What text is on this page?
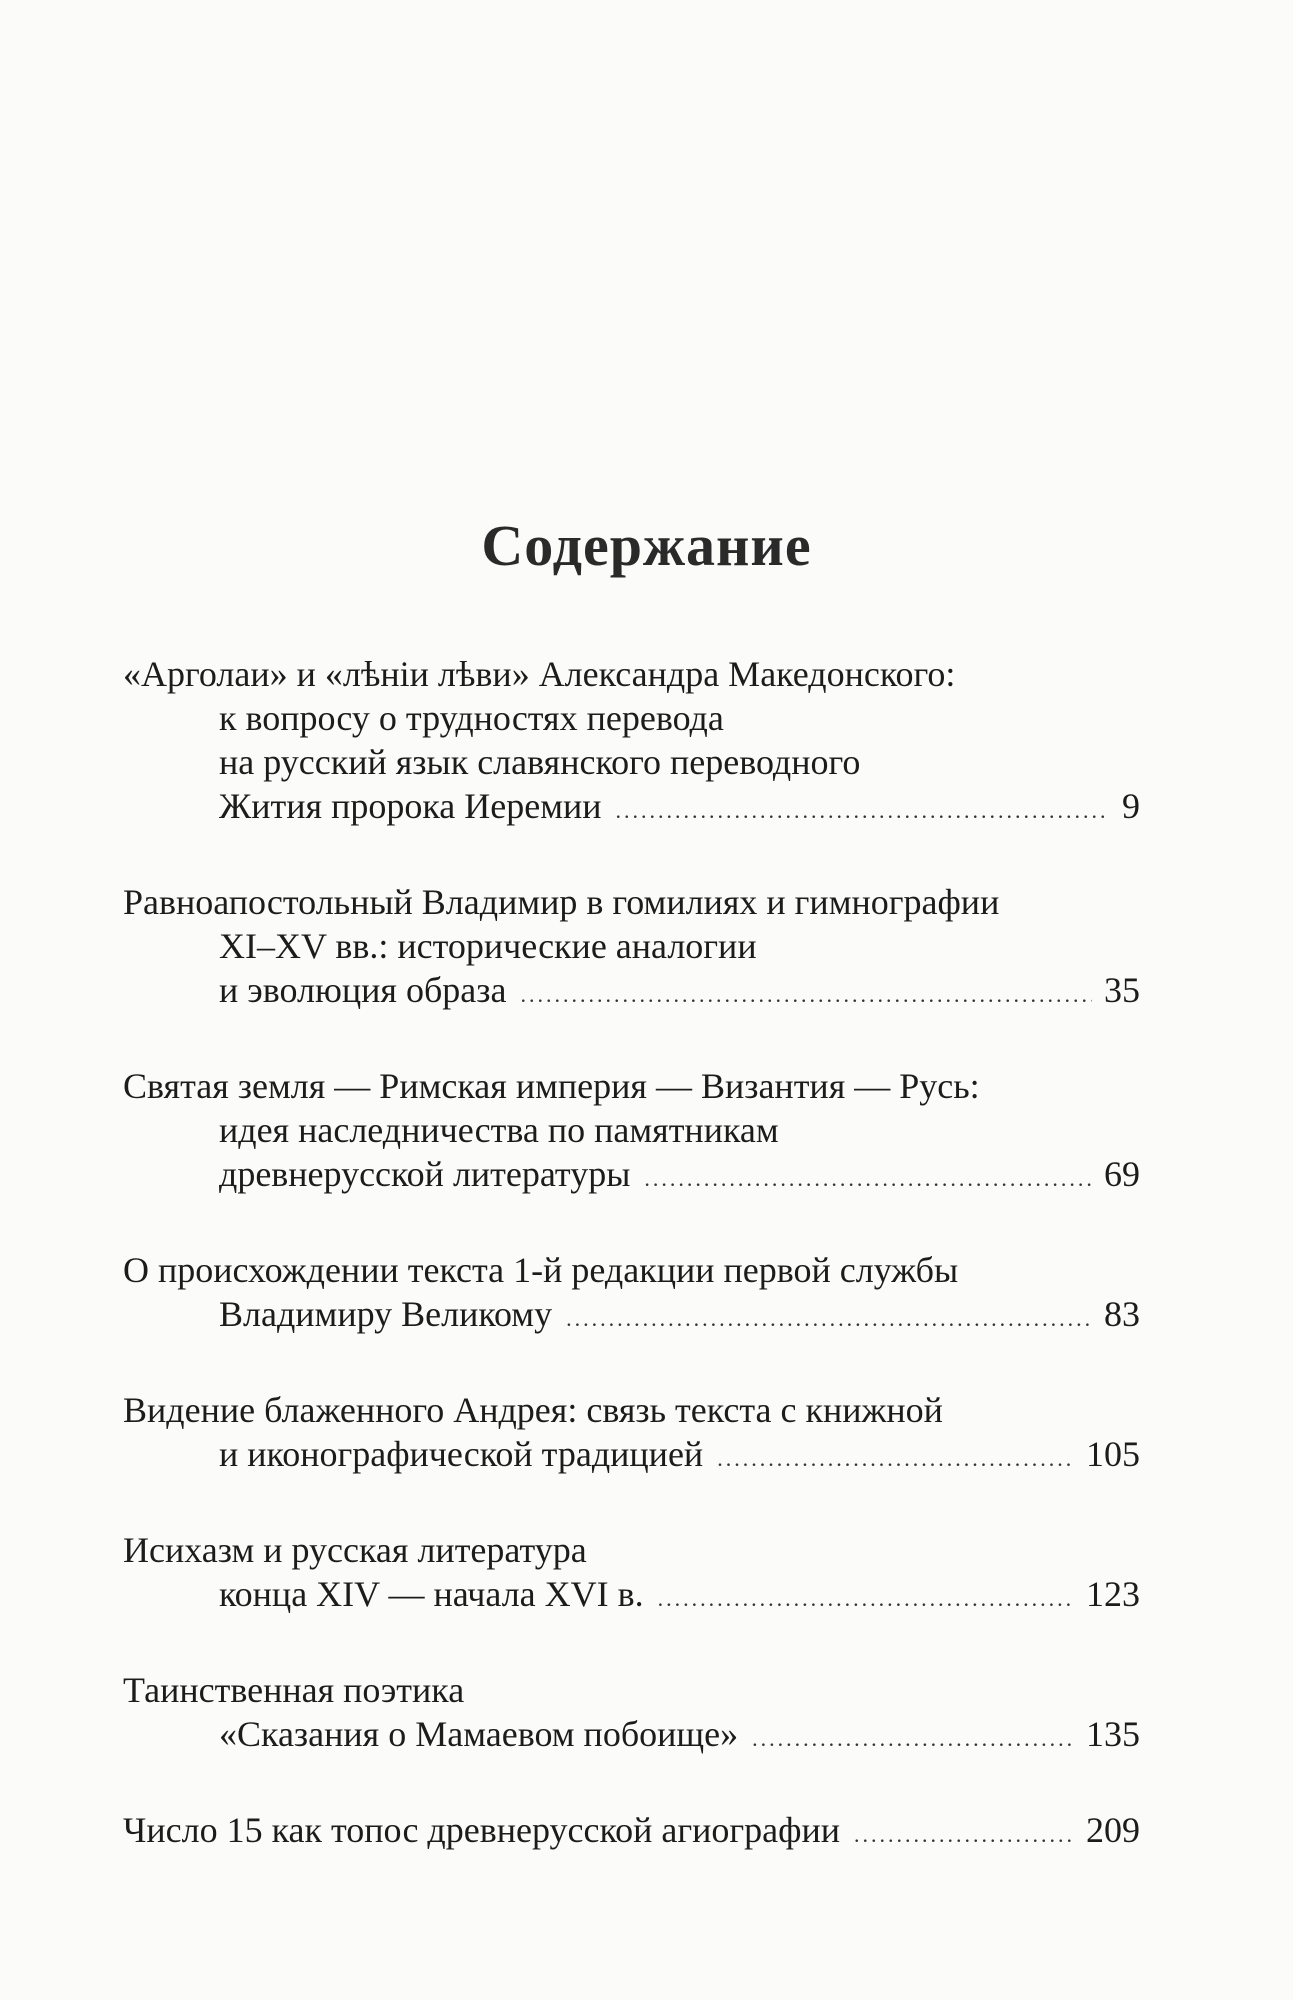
Содержание
«Арголаи» и «лѣніи лѣви» Александра Македонского:
к вопросу о трудностях перевода
на русский язык славянского переводного
Жития пророка Иеремии .....	9
Равноапостольный Владимир в гомилиях и гимнографии
XI–XV вв.: исторические аналогии
и эволюция образа .....	35
Святая земля — Римская империя — Византия — Русь:
идея наследничества по памятникам
древнерусской литературы .....	69
О происхождении текста 1-й редакции первой службы
Владимиру Великому .....	83
Видение блаженного Андрея: связь текста с книжной
и иконографической традицией .....	105
Исихазм и русская литература
конца XIV — начала XVI в. .....	123
Таинственная поэтика
«Сказания о Мамаевом побоище» .....	135
Число 15 как топос древнерусской агиографии .....	209
